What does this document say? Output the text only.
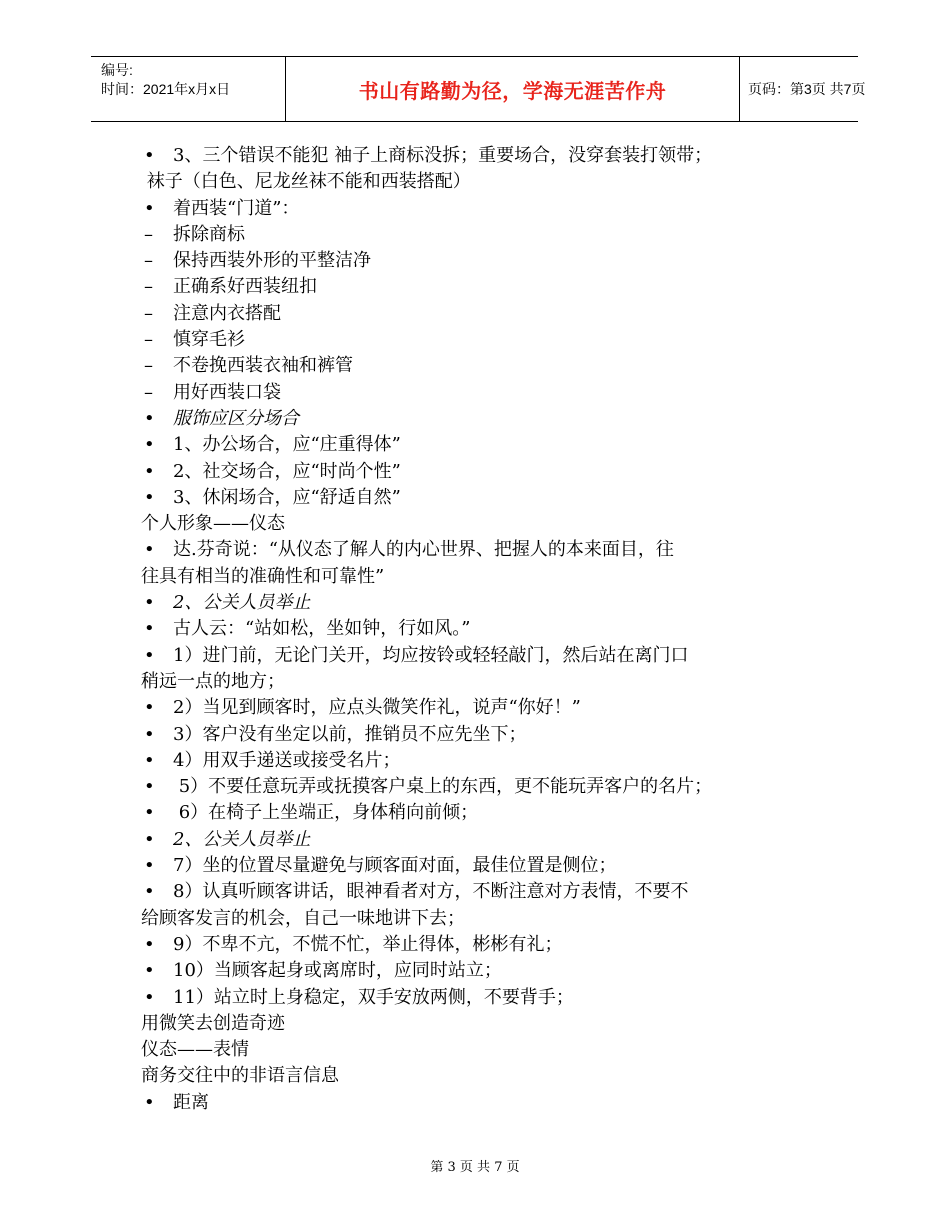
编号:
时间：2021年x月x日	书山有路勤为径，学海无涯苦作舟	页码：第3页 共7页
• 3、三个错误不能犯 袖子上商标没拆；重要场合，没穿套装打领带；
袜子（白色、尼龙丝袜不能和西装搭配）
• 着西装“门道”：
– 拆除商标
– 保持西装外形的平整洁净
– 正确系好西装纽扣
– 注意内衣搭配
– 慎穿毛衫
– 不卷挽西装衣袖和裤管
– 用好西装口袋
• 服饰应区分场合
• 1、办公场合，应“庄重得体”
• 2、社交场合，应“时尚个性”
• 3、休闲场合，应“舒适自然”
个人形象——仪态
• 达.芬奇说：“从仪态了解人的内心世界、把握人的本来面目，往
往具有相当的准确性和可靠性”
• 2、公关人员举止
• 古人云：“站如松，坐如钟，行如风。”
• 1）进门前，无论门关开，均应按铃或轻轻敲门，然后站在离门口
稍远一点的地方；
• 2）当见到顾客时，应点头微笑作礼，说声“你好！”
• 3）客户没有坐定以前，推销员不应先坐下；
• 4）用双手递送或接受名片；
• 5）不要任意玩弄或抚摸客户桌上的东西，更不能玩弄客户的名片；
• 6）在椅子上坐端正，身体稍向前倾；
• 2、公关人员举止
• 7）坐的位置尽量避免与顾客面对面，最佳位置是侧位；
• 8）认真听顾客讲话，眼神看者对方，不断注意对方表情，不要不
给顾客发言的机会，自己一味地讲下去；
• 9）不卑不亢，不慌不忙，举止得体，彬彬有礼；
• 10）当顾客起身或离席时，应同时站立；
• 11）站立时上身稳定，双手安放两侧，不要背手；
用微笑去创造奇迹
仪态——表情
商务交往中的非语言信息
• 距离
第 3 页 共 7 页
